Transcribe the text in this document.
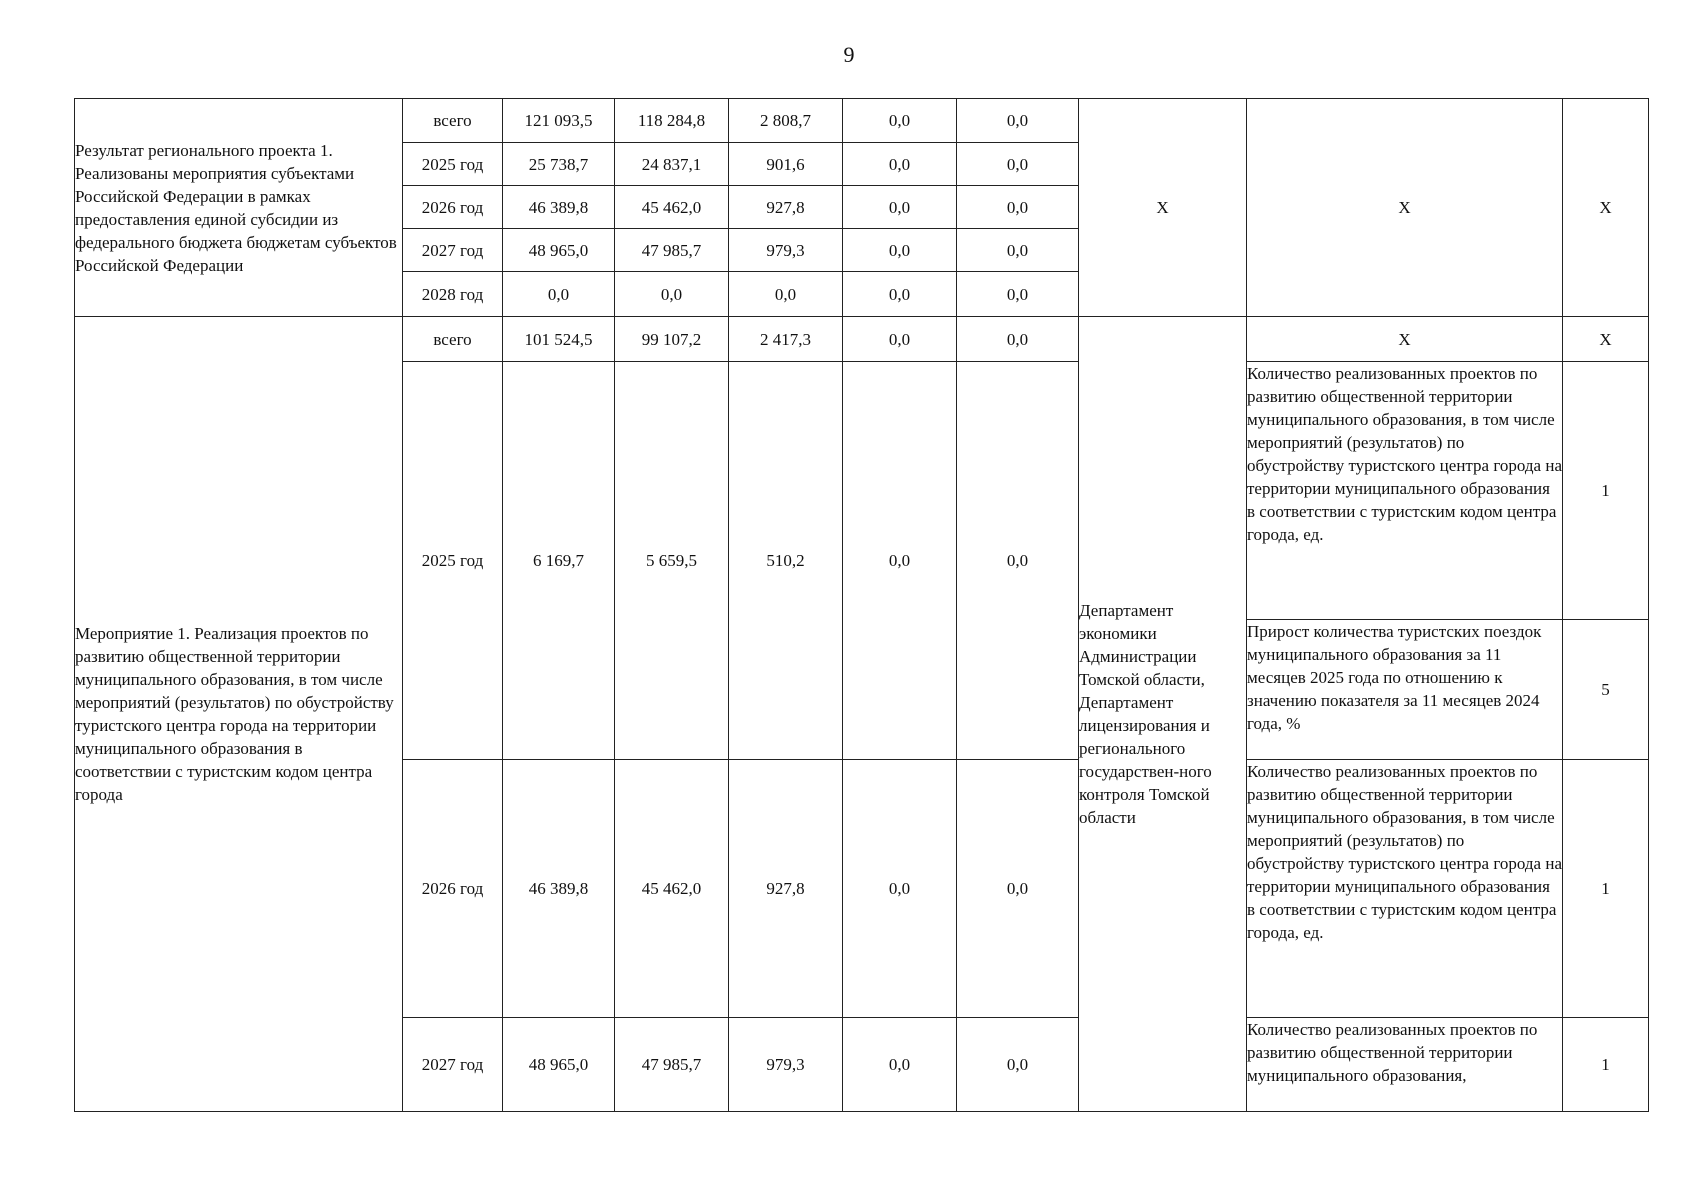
9
Результат регионального проекта 1. Реализованы мероприятия субъектами Российской Федерации в рамках предоставления единой субсидии из федерального бюджета бюджетам субъектов Российской Федерации	всего	121 093,5	118 284,8	2 808,7	0,0	0,0	X	X	X
	2025 год	25 738,7	24 837,1	901,6	0,0	0,0			
	2026 год	46 389,8	45 462,0	927,8	0,0	0,0			
	2027 год	48 965,0	47 985,7	979,3	0,0	0,0			
	2028 год	0,0	0,0	0,0	0,0	0,0			

Мероприятие 1. Реализация проектов по развитию общественной территории муниципального образования, в том числе мероприятий (результатов) по обустройству туристского центра города на территории муниципального образования в соответствии с туристским кодом центра города	всего	101 524,5	99 107,2	2 417,3	0,0	0,0	Департамент экономики Администрации Томской области, Департамент лицензирования и регионального государствен-ного контроля Томской области	X	X
	2025 год	6 169,7	5 659,5	510,2	0,0	0,0		Количество реализованных проектов по развитию общественной территории муниципального образования, в том числе мероприятий (результатов) по обустройству туристского центра города на территории муниципального образования в соответствии с туристским кодом центра города, ед.	1

								Прирост количества туристских поездок муниципального образования за 11 месяцев 2025 года по отношению к значению показателя за 11 месяцев 2024 года, %	5
	2026 год	46 389,8	45 462,0	927,8	0,0	0,0		Количество реализованных проектов по развитию общественной территории муниципального образования, в том числе мероприятий (результатов) по обустройству туристского центра города на территории муниципального образования в соответствии с туристским кодом центра города, ед.	1
	2027 год	48 965,0	47 985,7	979,3	0,0	0,0		Количество реализованных проектов по развитию общественной территории муниципального образования,	1
